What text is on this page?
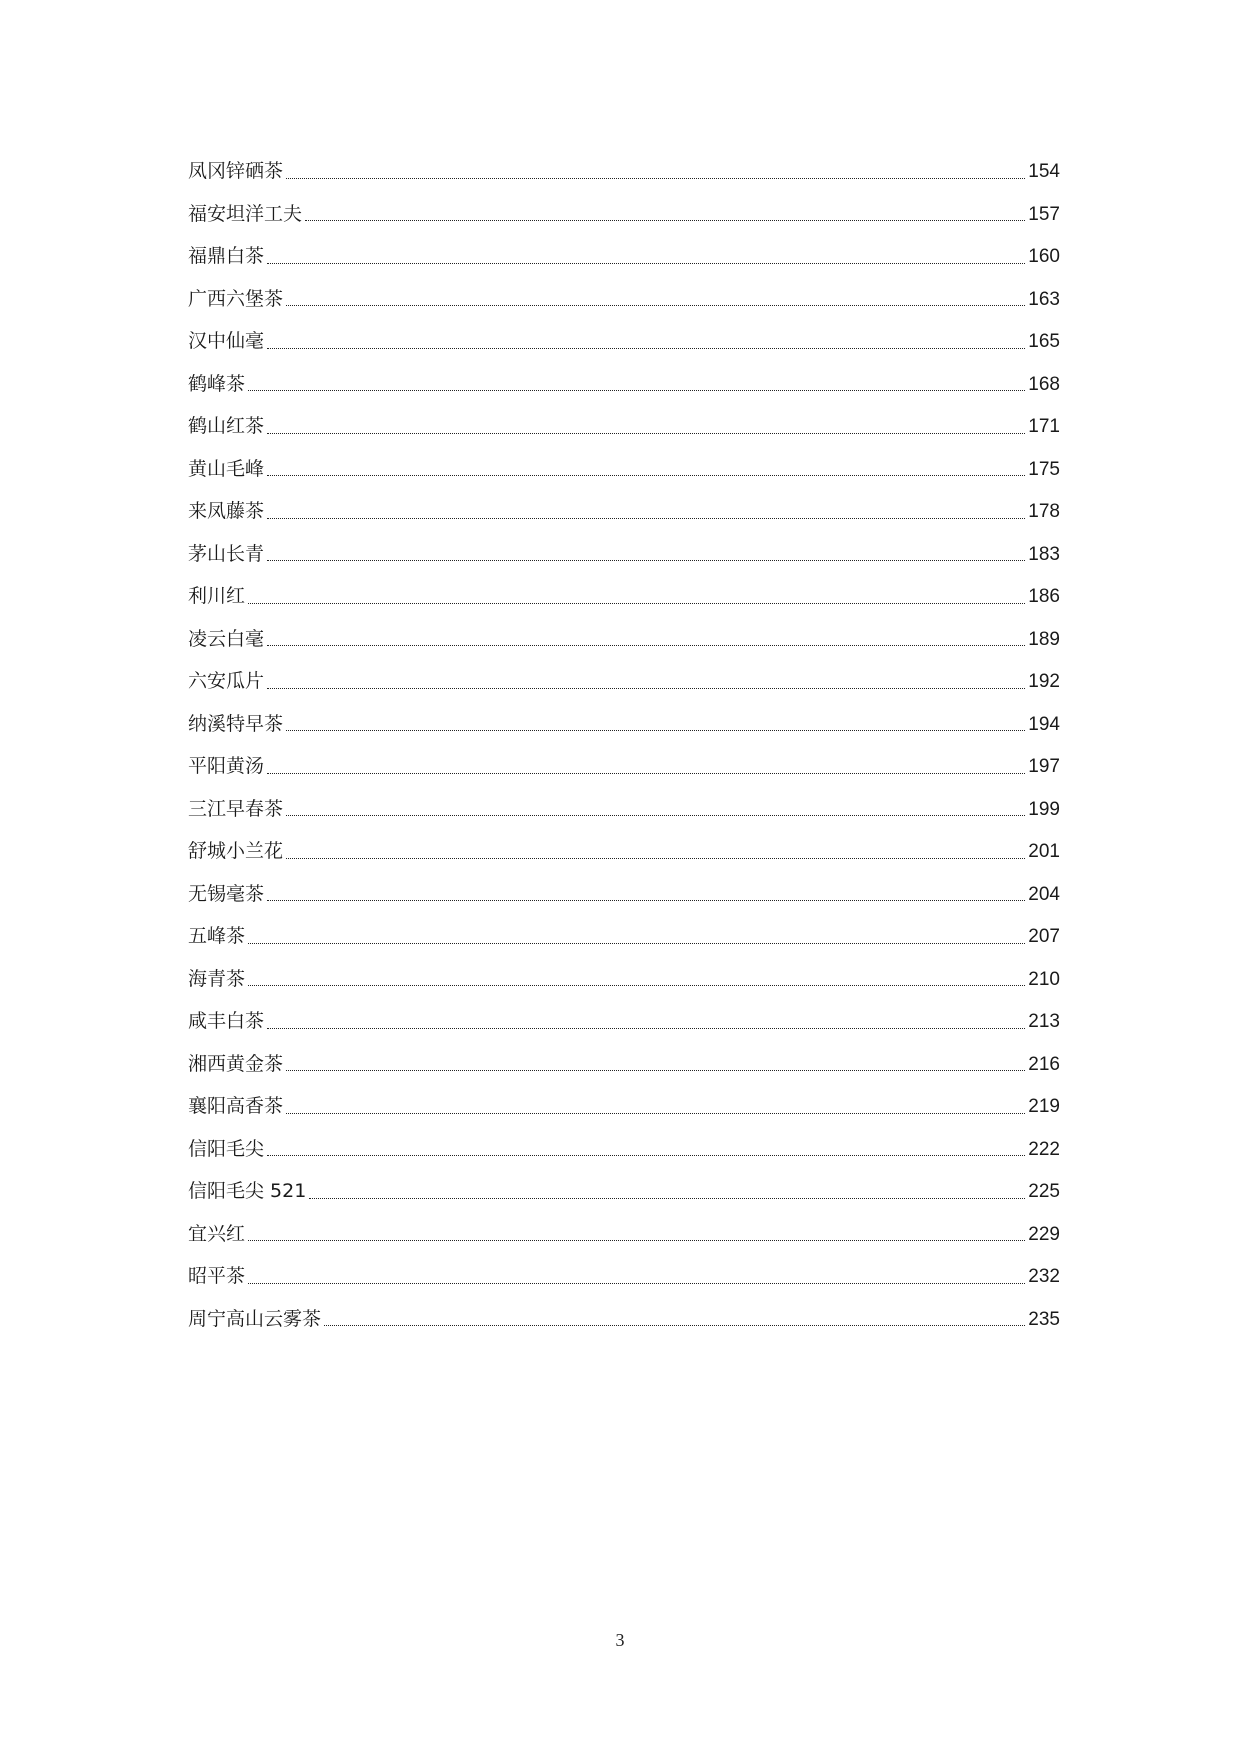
凤冈锌硒茶	154
福安坦洋工夫	157
福鼎白茶	160
广西六堡茶	163
汉中仙毫	165
鹤峰茶	168
鹤山红茶	171
黄山毛峰	175
来凤藤茶	178
茅山长青	183
利川红	186
凌云白毫	189
六安瓜片	192
纳溪特早茶	194
平阳黄汤	197
三江早春茶	199
舒城小兰花	201
无锡毫茶	204
五峰茶	207
海青茶	210
咸丰白茶	213
湘西黄金茶	216
襄阳高香茶	219
信阳毛尖	222
信阳毛尖 521	225
宜兴红	229
昭平茶	232
周宁高山云雾茶	235
3
